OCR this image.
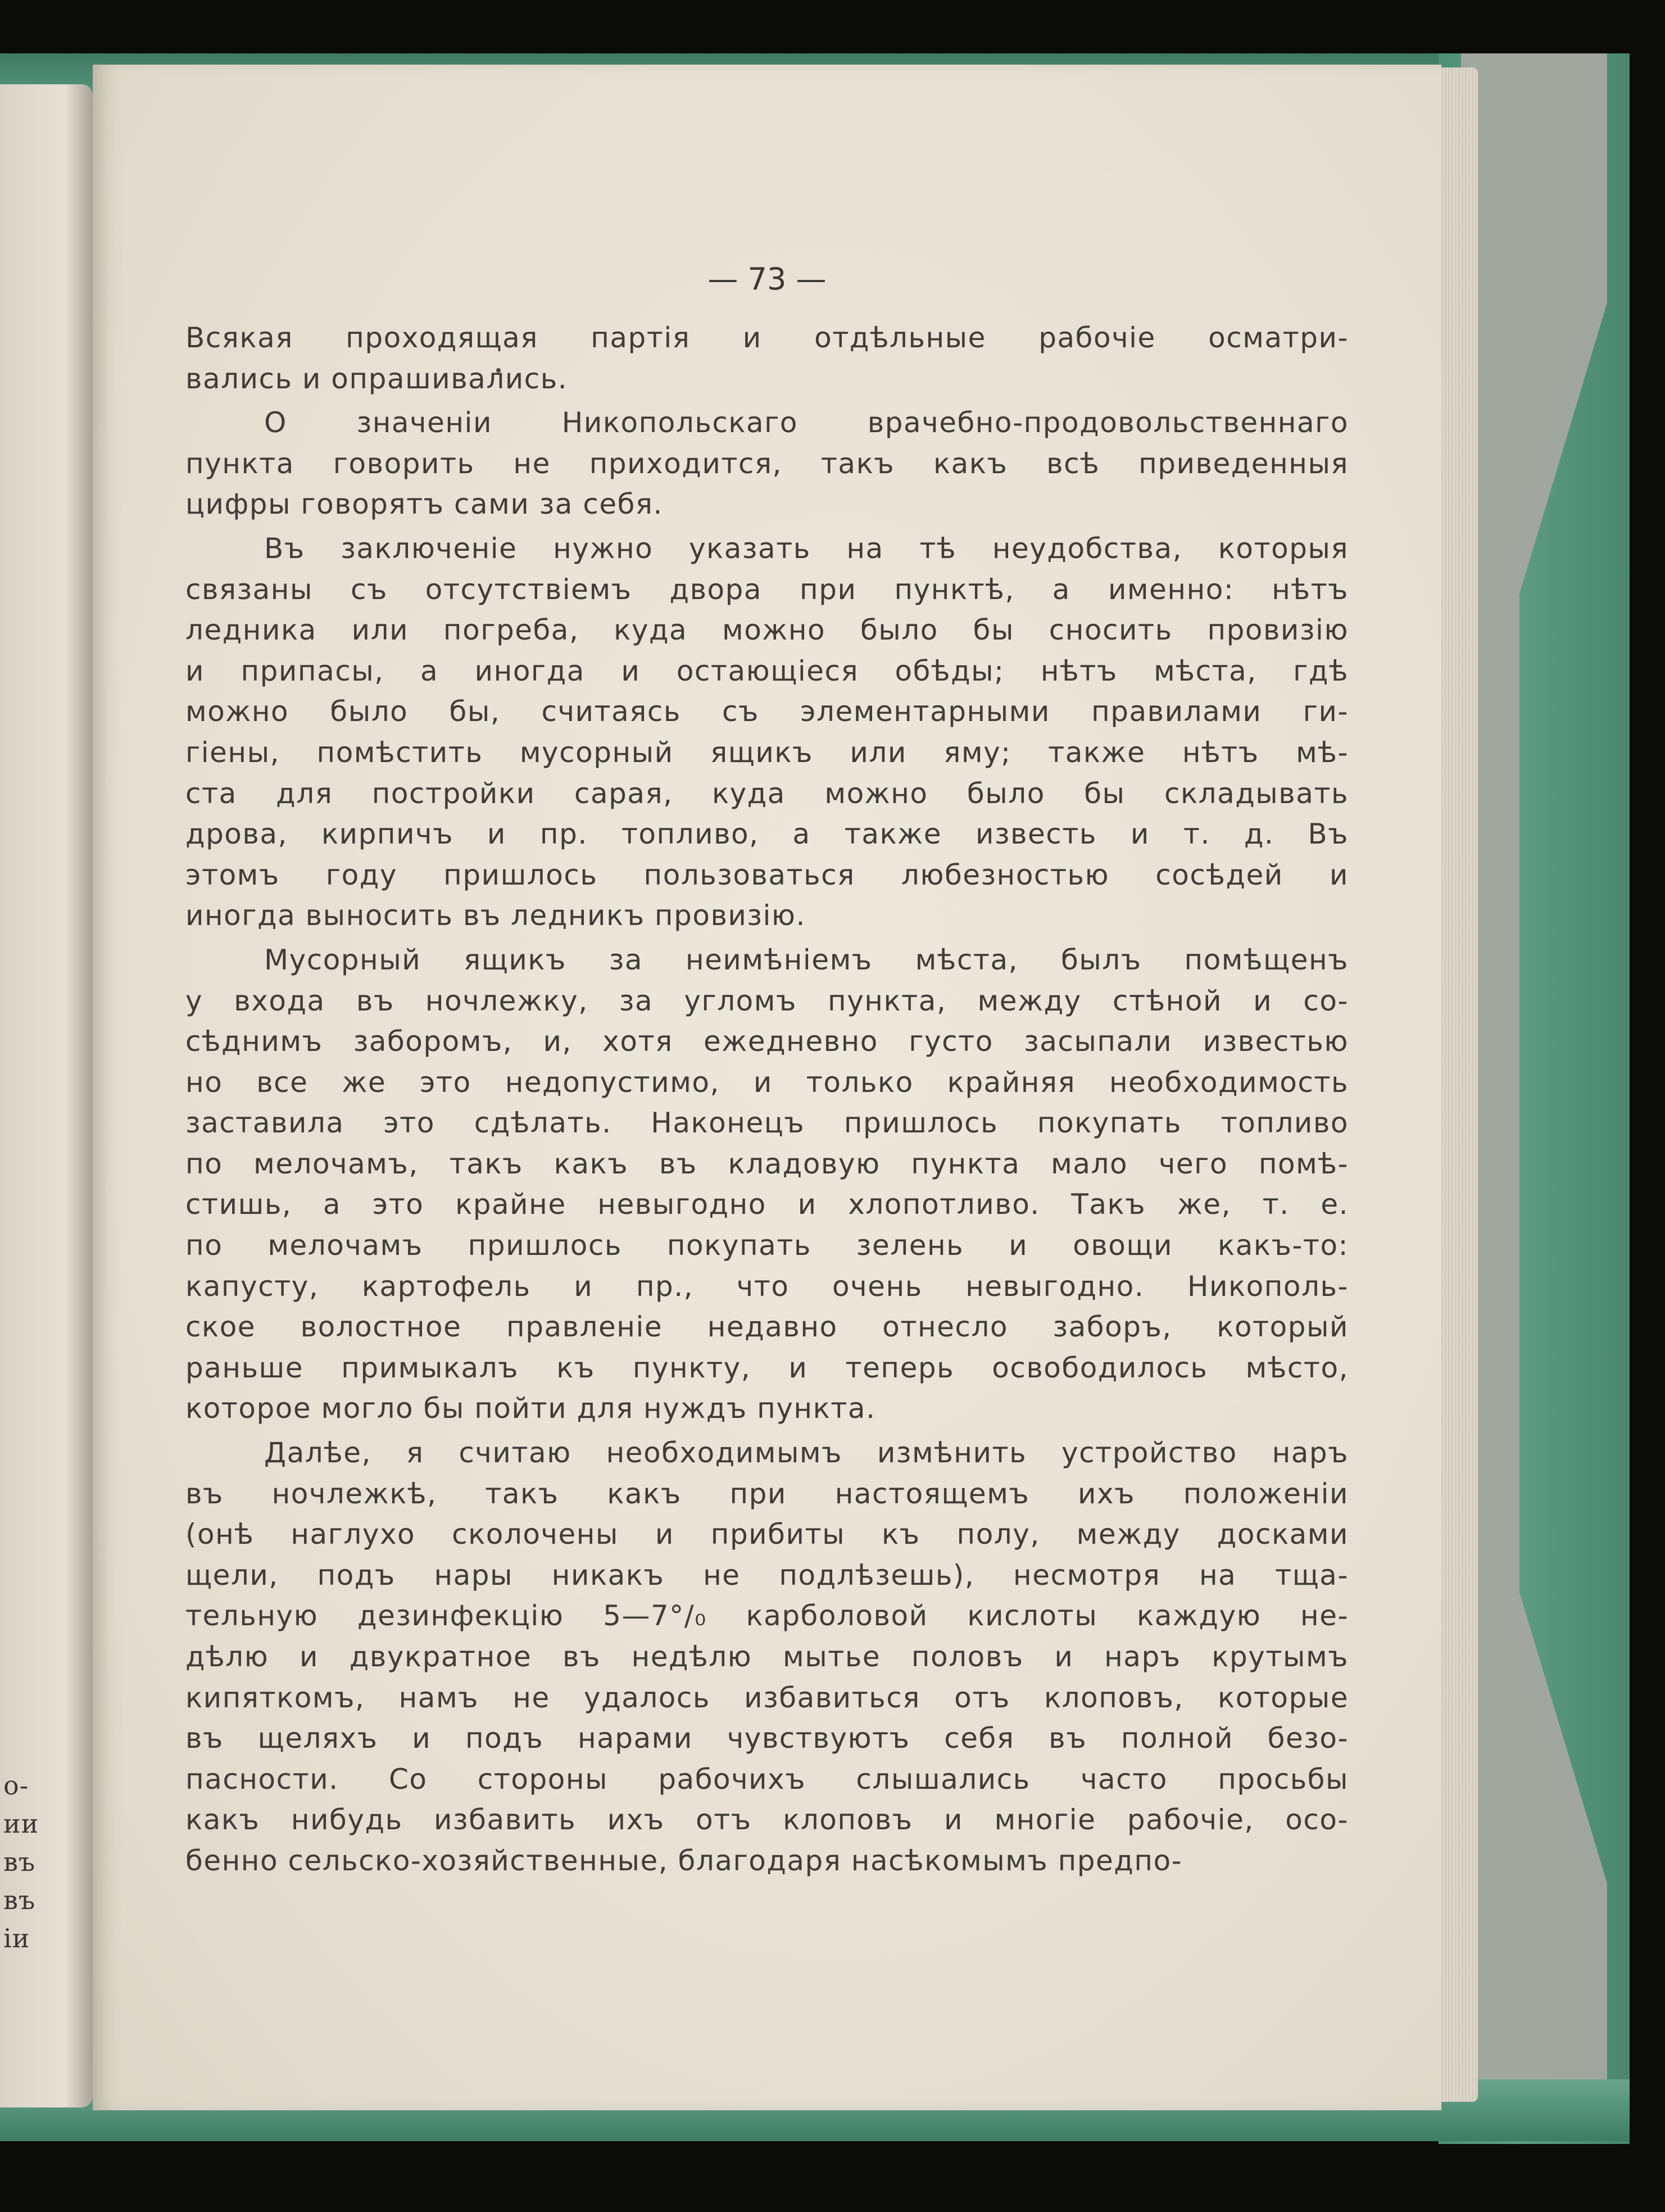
о-
ии
въ
въ
іи
— 73 —
Всякая проходящая партія и отдѣльные рабочіе осматри-
вались и опрашивались.
О значеніи Никопольскаго врачебно-продовольственнаго
пункта говорить не приходится, такъ какъ всѣ приведенныя
цифры говорятъ сами за себя.
Въ заключеніе нужно указать на тѣ неудобства, которыя
связаны съ отсутствіемъ двора при пунктѣ, а именно: нѣтъ
ледника или погреба, куда можно было бы сносить провизію
и припасы, а иногда и остающіеся обѣды; нѣтъ мѣста, гдѣ
можно было бы, считаясь съ элементарными правилами ги-
гіены, помѣстить мусорный ящикъ или яму; также нѣтъ мѣ-
ста для постройки сарая, куда можно было бы складывать
дрова, кирпичъ и пр. топливо, а также известь и т. д. Въ
этомъ году пришлось пользоваться любезностью сосѣдей и
иногда выносить въ ледникъ провизію.
Мусорный ящикъ за неимѣніемъ мѣста, былъ помѣщенъ
у входа въ ночлежку, за угломъ пункта, между стѣной и со-
сѣднимъ заборомъ, и, хотя ежедневно густо засыпали известью
но все же это недопустимо, и только крайняя необходимость
заставила это сдѣлать. Наконецъ пришлось покупать топливо
по мелочамъ, такъ какъ въ кладовую пункта мало чего помѣ-
стишь, а это крайне невыгодно и хлопотливо. Такъ же, т. е.
по мелочамъ пришлось покупать зелень и овощи какъ-то:
капусту, картофель и пр., что очень невыгодно. Никополь-
ское волостное правленіе недавно отнесло заборъ, который
раньше примыкалъ къ пункту, и теперь освободилось мѣсто,
которое могло бы пойти для нуждъ пункта.
Далѣе, я считаю необходимымъ измѣнить устройство наръ
въ ночлежкѣ, такъ какъ при настоящемъ ихъ положеніи
(онѣ наглухо сколочены и прибиты къ полу, между досками
щели, подъ нары никакъ не подлѣзешь), несмотря на тща-
тельную дезинфекцію 5—7°/₀ карболовой кислоты каждую не-
дѣлю и двукратное въ недѣлю мытье половъ и наръ крутымъ
кипяткомъ, намъ не удалось избавиться отъ клоповъ, которые
въ щеляхъ и подъ нарами чувствуютъ себя въ полной безо-
пасности. Со стороны рабочихъ слышались часто просьбы
какъ нибудь избавить ихъ отъ клоповъ и многіе рабочіе, осо-
бенно сельско-хозяйственные, благодаря насѣкомымъ предпо-
